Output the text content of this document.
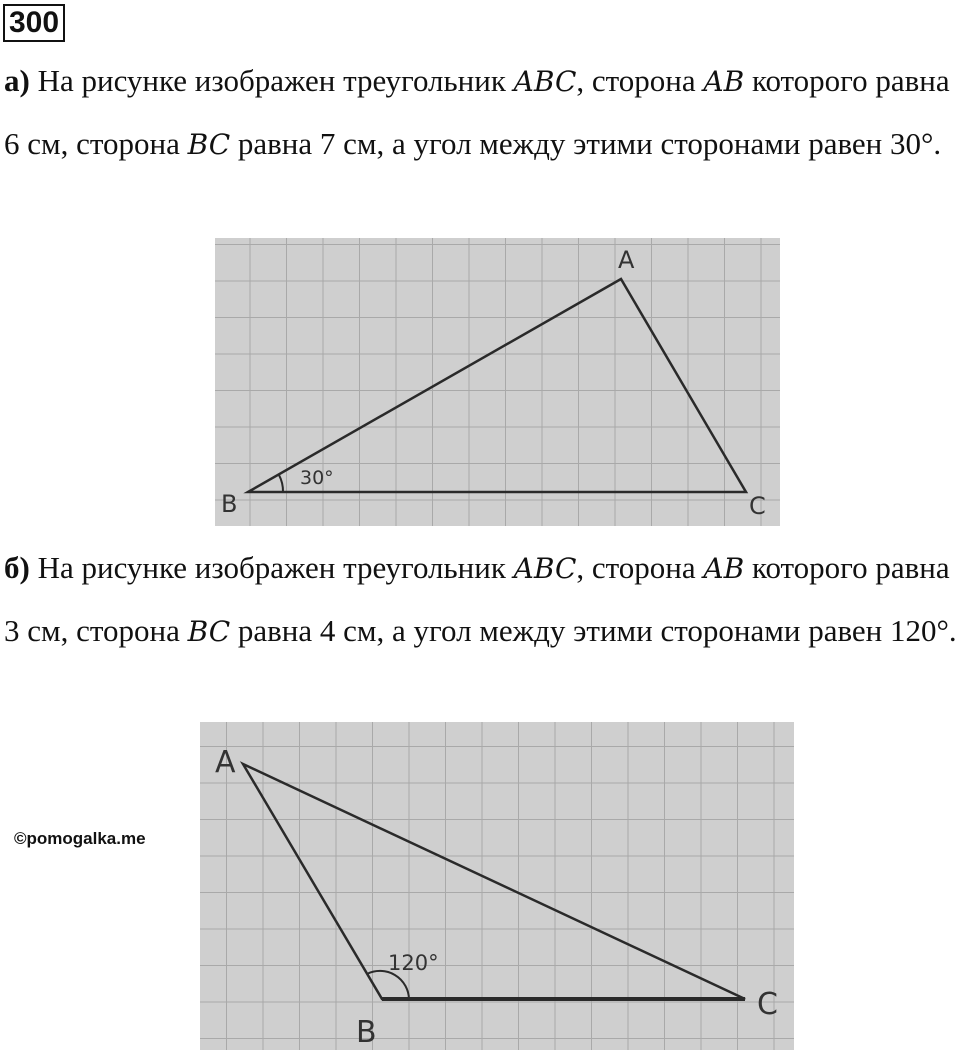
300
а) На рисунке изображен треугольник ABC, сторона AB которого равна 6 см, сторона BC равна 7 см, а угол между этими сторонами равен 30°.
30°
A
B	C
б) На рисунке изображен треугольник ABC, сторона AB которого равна 3 см, сторона BC равна 4 см, а угол между этими сторонами равен 120°.
©pomogalka.me
120°
A
B
C
